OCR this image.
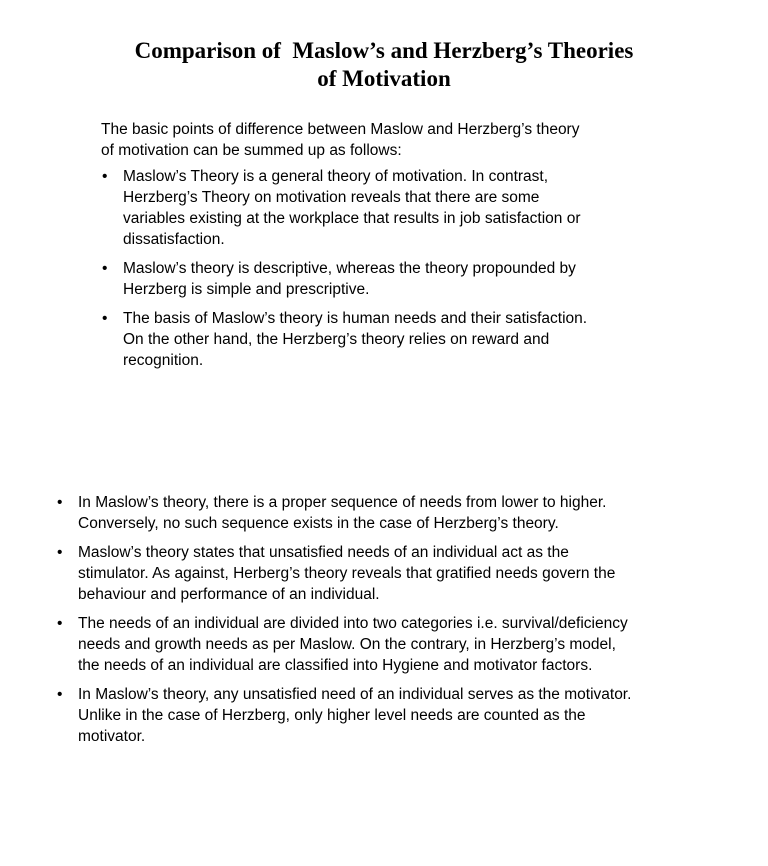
Comparison of  Maslow’s and Herzberg’s Theories
of Motivation
The basic points of difference between Maslow and Herzberg’s theory
of motivation can be summed up as follows:
• Maslow’s Theory is a general theory of motivation. In contrast,
Herzberg’s Theory on motivation reveals that there are some
variables existing at the workplace that results in job satisfaction or
dissatisfaction.
• Maslow’s theory is descriptive, whereas the theory propounded by
Herzberg is simple and prescriptive.
• The basis of Maslow’s theory is human needs and their satisfaction.
On the other hand, the Herzberg’s theory relies on reward and
recognition.
• In Maslow’s theory, there is a proper sequence of needs from lower to higher.
Conversely, no such sequence exists in the case of Herzberg’s theory.
• Maslow’s theory states that unsatisfied needs of an individual act as the
stimulator. As against, Herberg’s theory reveals that gratified needs govern the
behaviour and performance of an individual.
• The needs of an individual are divided into two categories i.e. survival/deficiency
needs and growth needs as per Maslow. On the contrary, in Herzberg’s model,
the needs of an individual are classified into Hygiene and motivator factors.
• In Maslow’s theory, any unsatisfied need of an individual serves as the motivator.
Unlike in the case of Herzberg, only higher level needs are counted as the
motivator.
